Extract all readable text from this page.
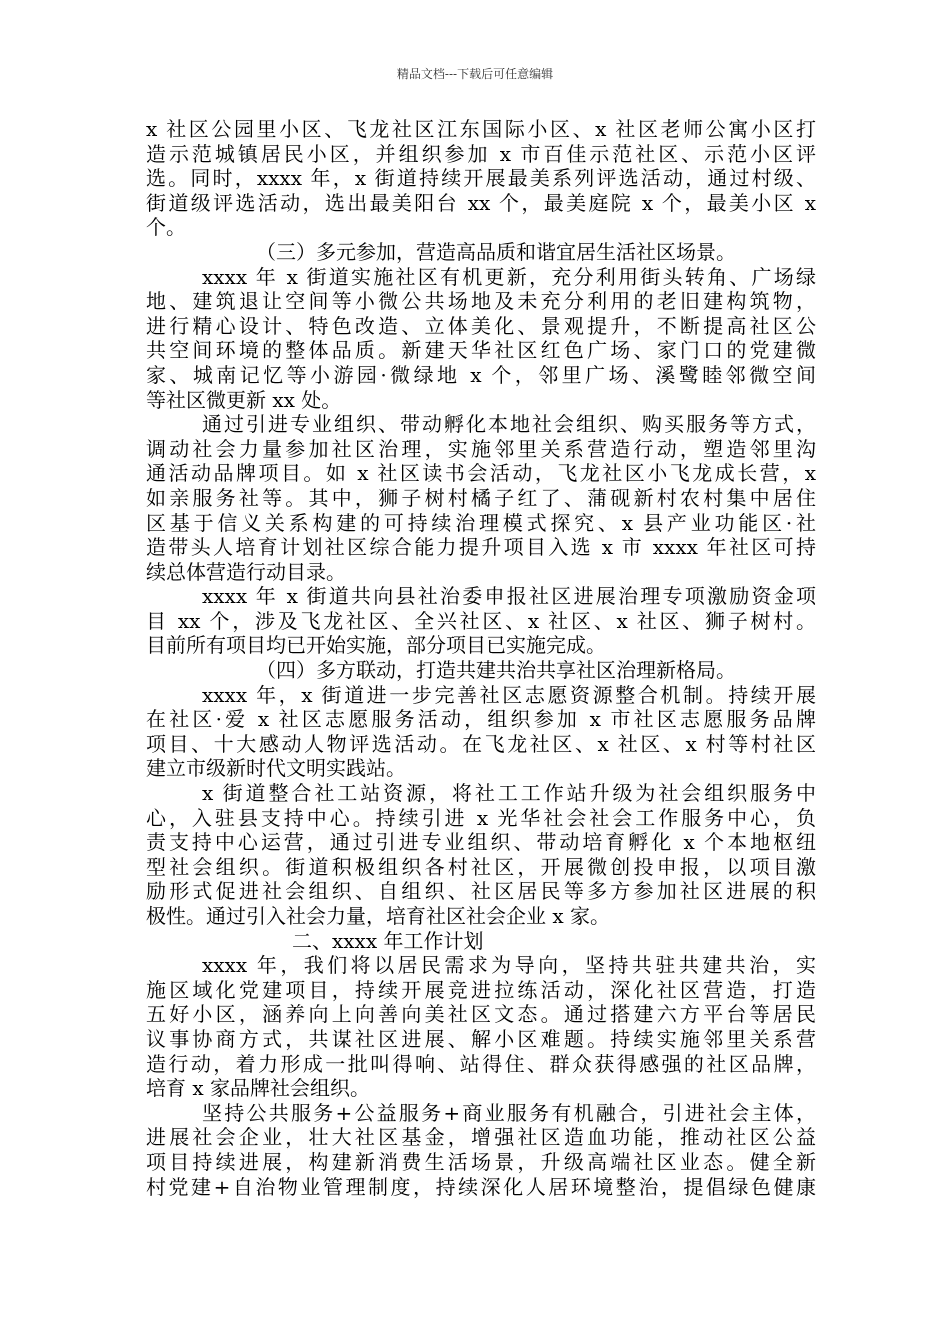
精品文档---下载后可任意编辑
x 社区公园里小区、飞龙社区江东国际小区、x 社区老师公寓小区打
造示范城镇居民小区，并组织参加 x 市百佳示范社区、示范小区评
选。同时，xxxx 年，x 街道持续开展最美系列评选活动，通过村级、
街道级评选活动，选出最美阳台 xx 个，最美庭院 x 个，最美小区 x
个。
（三）多元参加，营造高品质和谐宜居生活社区场景。
xxxx 年 x 街道实施社区有机更新，充分利用街头转角、广场绿
地、建筑退让空间等小微公共场地及未充分利用的老旧建构筑物，
进行精心设计、特色改造、立体美化、景观提升，不断提高社区公
共空间环境的整体品质。新建天华社区红色广场、家门口的党建微
家、城南记忆等小游园·微绿地 x 个，邻里广场、溪鹭睦邻微空间
等社区微更新 xx 处。
通过引进专业组织、带动孵化本地社会组织、购买服务等方式，
调动社会力量参加社区治理，实施邻里关系营造行动，塑造邻里沟
通活动品牌项目。如 x 社区读书会活动，飞龙社区小飞龙成长营，x
如亲服务社等。其中，狮子树村橘子红了、蒲砚新村农村集中居住
区基于信义关系构建的可持续治理模式探究、x 县产业功能区·社
造带头人培育计划社区综合能力提升项目入选 x 市 xxxx 年社区可持
续总体营造行动目录。
xxxx 年 x 街道共向县社治委申报社区进展治理专项激励资金项
目 xx 个，涉及飞龙社区、全兴社区、x 社区、x 社区、狮子树村。
目前所有项目均已开始实施，部分项目已实施完成。
（四）多方联动，打造共建共治共享社区治理新格局。
xxxx 年，x 街道进一步完善社区志愿资源整合机制。持续开展
在社区·爱 x 社区志愿服务活动，组织参加 x 市社区志愿服务品牌
项目、十大感动人物评选活动。在飞龙社区、x 社区、x 村等村社区
建立市级新时代文明实践站。
x 街道整合社工站资源，将社工工作站升级为社会组织服务中
心，入驻县支持中心。持续引进 x 光华社会社会工作服务中心，负
责支持中心运营，通过引进专业组织、带动培育孵化 x 个本地枢纽
型社会组织。街道积极组织各村社区，开展微创投申报，以项目激
励形式促进社会组织、自组织、社区居民等多方参加社区进展的积
极性。通过引入社会力量，培育社区社会企业 x 家。
二、xxxx 年工作计划
xxxx 年，我们将以居民需求为导向，坚持共驻共建共治，实
施区域化党建项目，持续开展竞进拉练活动，深化社区营造，打造
五好小区，涵养向上向善向美社区文态。通过搭建六方平台等居民
议事协商方式，共谋社区进展、解小区难题。持续实施邻里关系营
造行动，着力形成一批叫得响、站得住、群众获得感强的社区品牌，
培育 x 家品牌社会组织。
坚持公共服务+公益服务+商业服务有机融合，引进社会主体，
进展社会企业，壮大社区基金，增强社区造血功能，推动社区公益
项目持续进展，构建新消费生活场景，升级高端社区业态。健全新
村党建+自治物业管理制度，持续深化人居环境整治，提倡绿色健康
